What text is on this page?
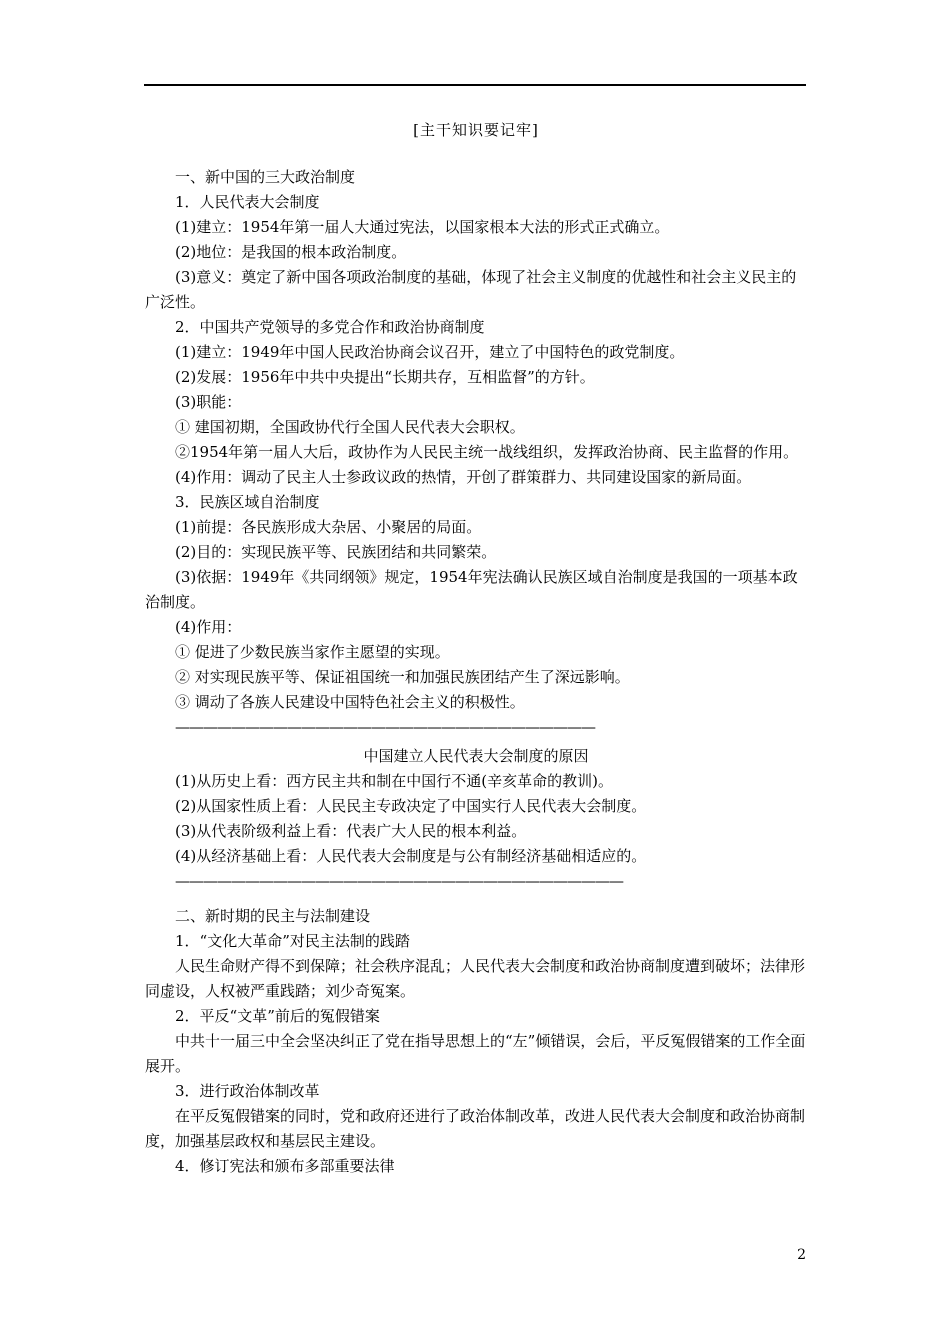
[主干知识要记牢]
一、新中国的三大政治制度
1．人民代表大会制度
(1)建立：1954年第一届人大通过宪法，以国家根本大法的形式正式确立。
(2)地位：是我国的根本政治制度。
(3)意义：奠定了新中国各项政治制度的基础，体现了社会主义制度的优越性和社会主义民主的广泛性。
2．中国共产党领导的多党合作和政治协商制度
(1)建立：1949年中国人民政治协商会议召开，建立了中国特色的政党制度。
(2)发展：1956年中共中央提出“长期共存，互相监督”的方针。
(3)职能：
① 建国初期，全国政协代行全国人民代表大会职权。
②1954年第一届人大后，政协作为人民民主统一战线组织，发挥政治协商、民主监督的作用。
(4)作用：调动了民主人士参政议政的热情，开创了群策群力、共同建设国家的新局面。
3．民族区域自治制度
(1)前提：各民族形成大杂居、小聚居的局面。
(2)目的：实现民族平等、民族团结和共同繁荣。
(3)依据：1949年《共同纲领》规定，1954年宪法确认民族区域自治制度是我国的一项基本政治制度。
(4)作用：
① 促进了少数民族当家作主愿望的实现。
② 对实现民族平等、保证祖国统一和加强民族团结产生了深远影响。
③ 调动了各族人民建设中国特色社会主义的积极性。
——————————————————————————————
中国建立人民代表大会制度的原因
(1)从历史上看：西方民主共和制在中国行不通(辛亥革命的教训)。
(2)从国家性质上看：人民民主专政决定了中国实行人民代表大会制度。
(3)从代表阶级利益上看：代表广大人民的根本利益。
(4)从经济基础上看：人民代表大会制度是与公有制经济基础相适应的。
————————————————————————————————
二、新时期的民主与法制建设
1．“文化大革命”对民主法制的践踏
人民生命财产得不到保障；社会秩序混乱；人民代表大会制度和政治协商制度遭到破坏；法律形同虚设，人权被严重践踏；刘少奇冤案。
2．平反“文革”前后的冤假错案
中共十一届三中全会坚决纠正了党在指导思想上的“左”倾错误，会后，平反冤假错案的工作全面展开。
3．进行政治体制改革
在平反冤假错案的同时，党和政府还进行了政治体制改革，改进人民代表大会制度和政治协商制度，加强基层政权和基层民主建设。
4．修订宪法和颁布多部重要法律
2
